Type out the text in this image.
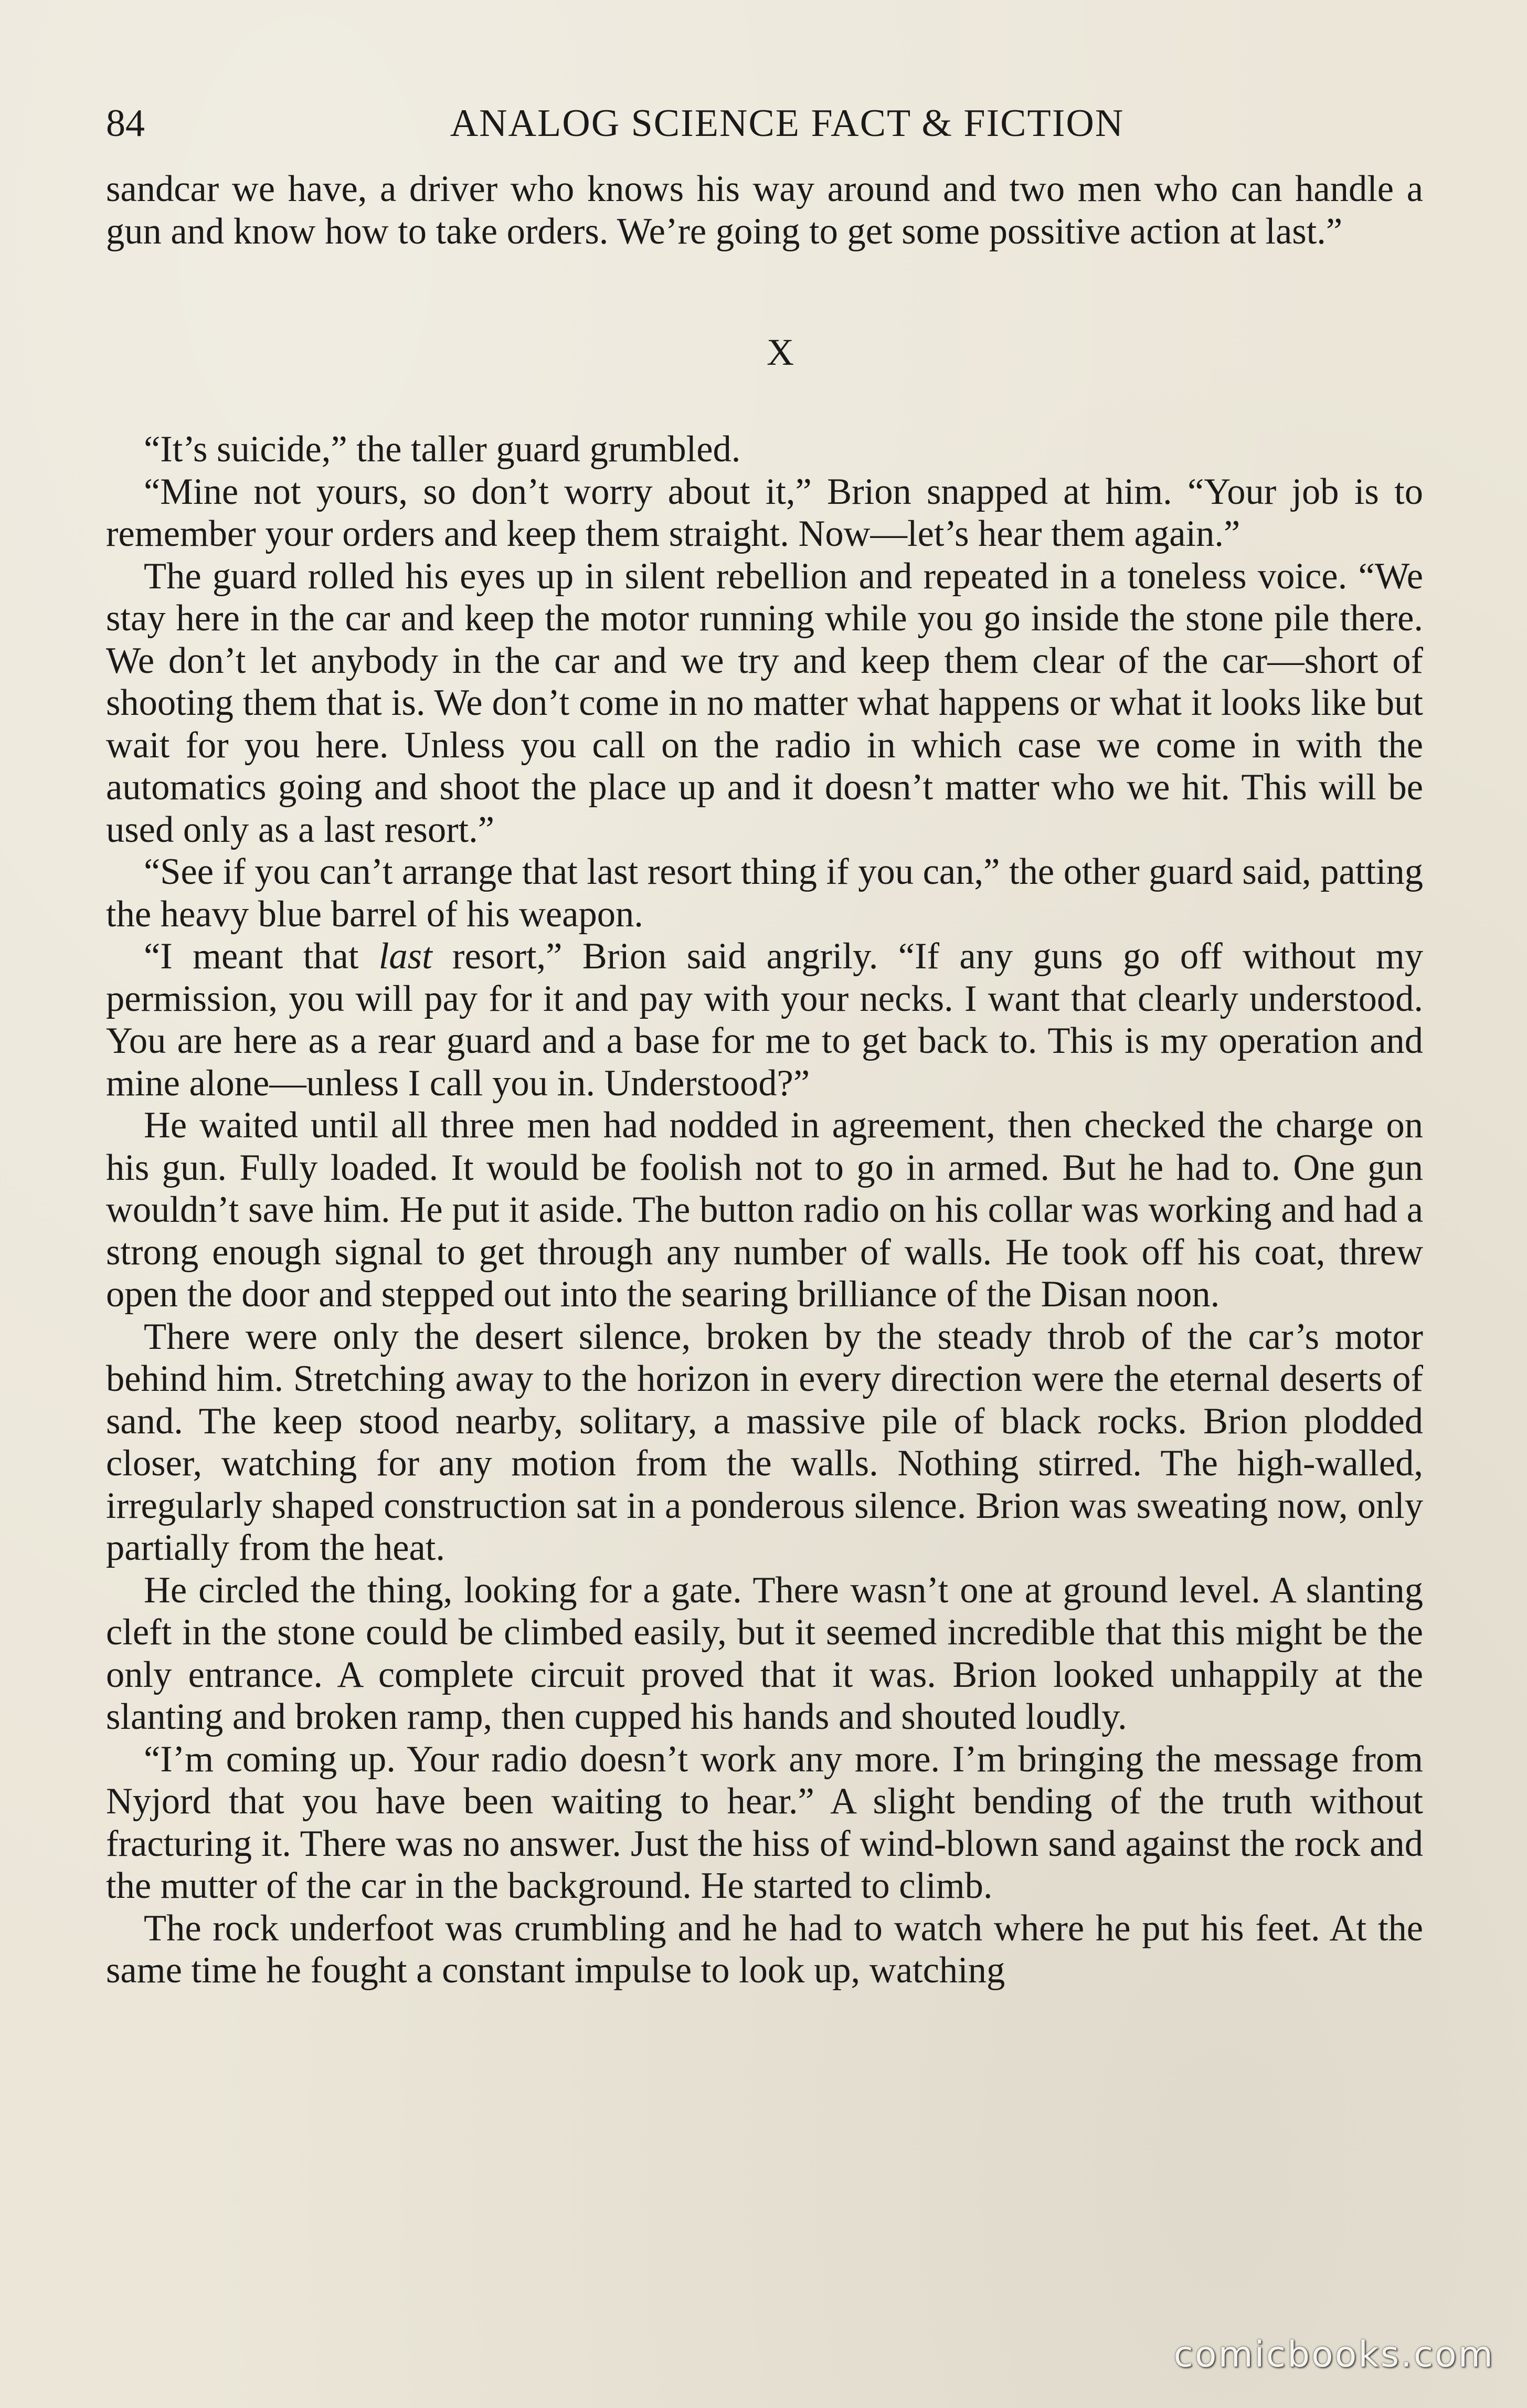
84	ANALOG SCIENCE FACT & FICTION

sandcar we have, a driver who knows his way around and two men who can handle a gun and know how to take orders. We’re going to get some possitive action at last.”

X

“It’s suicide,” the taller guard grumbled.

“Mine not yours, so don’t worry about it,” Brion snapped at him. “Your job is to remember your orders and keep them straight. Now—let’s hear them again.”

The guard rolled his eyes up in silent rebellion and repeated in a toneless voice. “We stay here in the car and keep the motor running while you go inside the stone pile there. We don’t let anybody in the car and we try and keep them clear of the car—short of shooting them that is. We don’t come in no matter what happens or what it looks like but wait for you here. Unless you call on the radio in which case we come in with the automatics going and shoot the place up and it doesn’t matter who we hit. This will be used only as a last resort.”

“See if you can’t arrange that last resort thing if you can,” the other guard said, patting the heavy blue barrel of his weapon.

“I meant that last resort,” Brion said angrily. “If any guns go off without my permission, you will pay for it and pay with your necks. I want that clearly understood. You are here as a rear guard and a base for me to get back to. This is my operation and mine alone—unless I call you in. Understood?”

He waited until all three men had nodded in agreement, then checked the charge on his gun. Fully loaded. It would be foolish not to go in armed. But he had to. One gun wouldn’t save him. He put it aside. The button radio on his collar was working and had a strong enough signal to get through any number of walls. He took off his coat, threw open the door and stepped out into the searing brilliance of the Disan noon.

There were only the desert silence, broken by the steady throb of the car’s motor behind him. Stretching away to the horizon in every direction were the eternal deserts of sand. The keep stood nearby, solitary, a massive pile of black rocks. Brion plodded closer, watching for any motion from the walls. Nothing stirred. The high-walled, irregularly shaped construction sat in a ponderous silence. Brion was sweating now, only partially from the heat.

He circled the thing, looking for a gate. There wasn’t one at ground level. A slanting cleft in the stone could be climbed easily, but it seemed incredible that this might be the only entrance. A complete circuit proved that it was. Brion looked unhappily at the slanting and broken ramp, then cupped his hands and shouted loudly.

“I’m coming up. Your radio doesn’t work any more. I’m bringing the message from Nyjord that you have been waiting to hear.” A slight bending of the truth without fracturing it. There was no answer. Just the hiss of wind-blown sand against the rock and the mutter of the car in the background. He started to climb.

The rock underfoot was crumbling and he had to watch where he put his feet. At the same time he fought a constant impulse to look up, watching

comicbooks.com
